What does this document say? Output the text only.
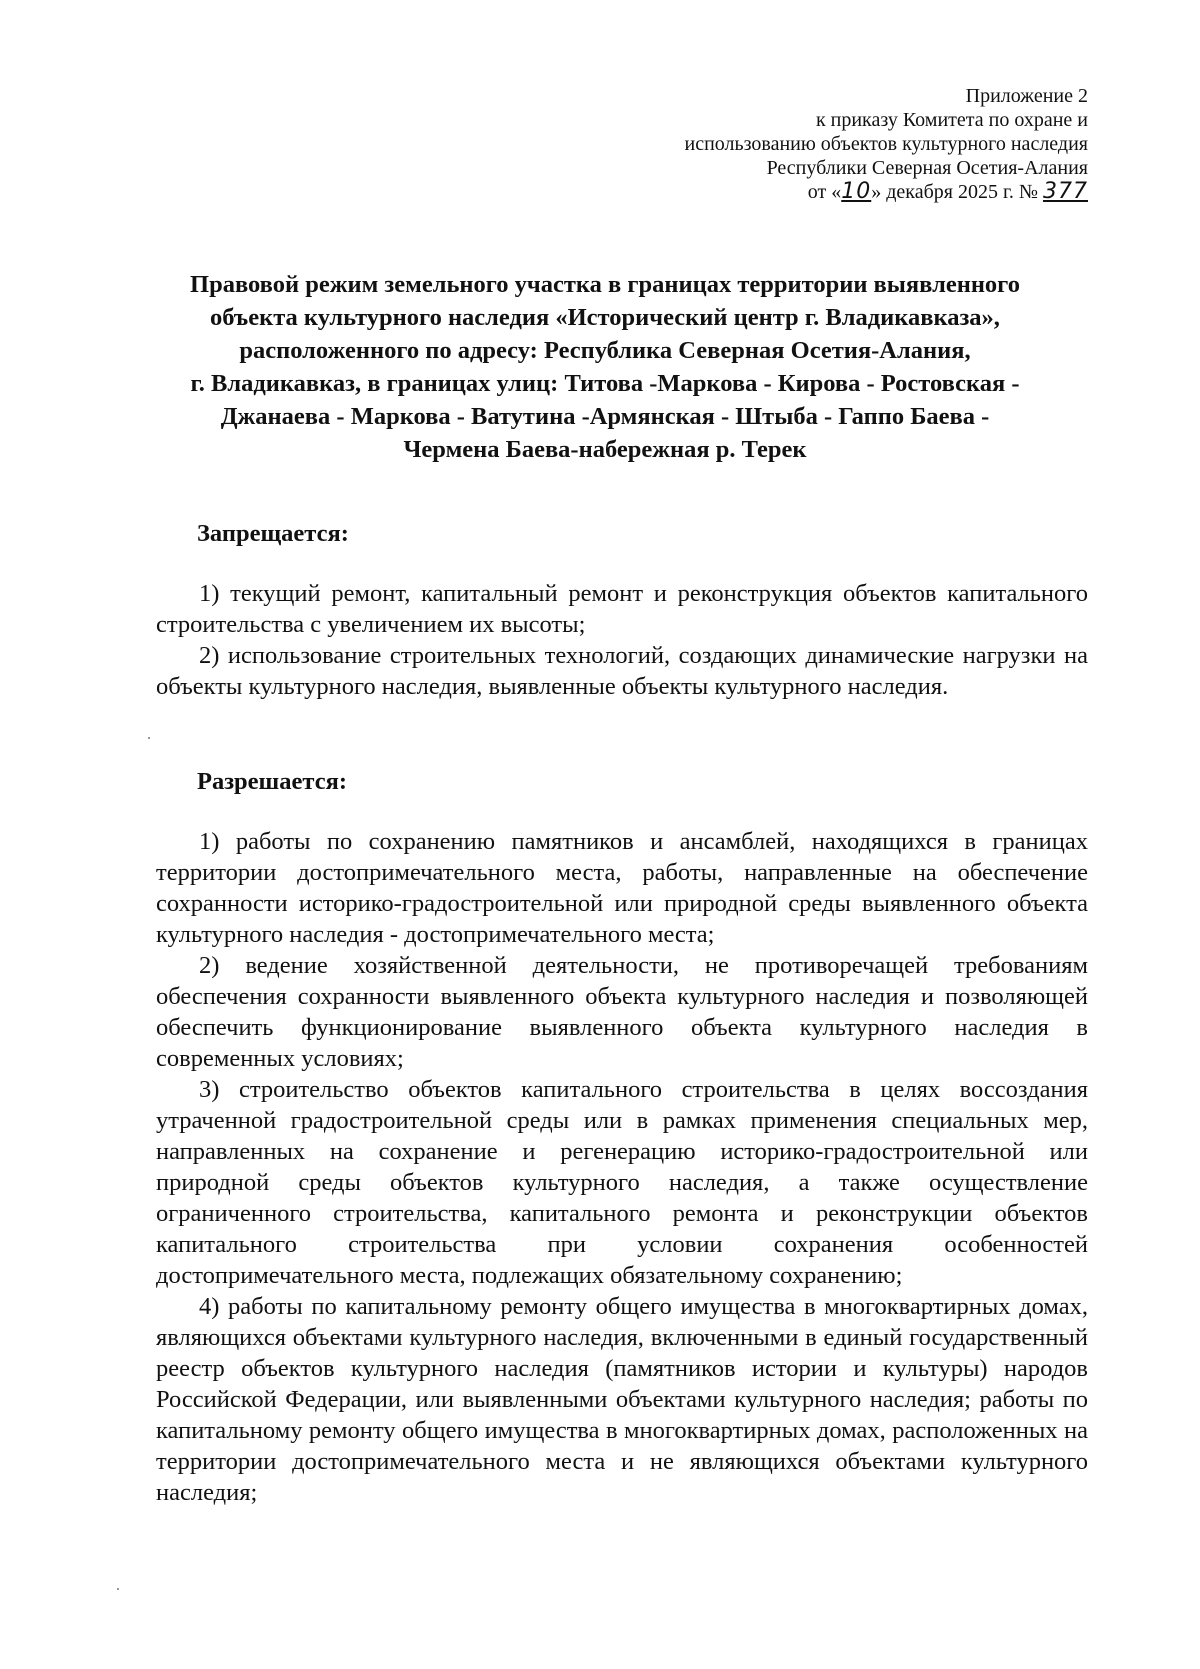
Приложение 2
к приказу Комитета по охране и
использованию объектов культурного наследия
Республики Северная Осетия-Алания
от «10» декабря 2025 г. № 377
Правовой режим земельного участка в границах территории выявленного
объекта культурного наследия «Исторический центр г. Владикавказа»,
расположенного по адресу: Республика Северная Осетия-Алания,
г. Владикавказ, в границах улиц: Титова -Маркова - Кирова - Ростовская -
Джанаева - Маркова - Ватутина -Армянская - Штыба - Гаппо Баева -
Чермена Баева-набережная р. Терек
Запрещается:

1) текущий ремонт, капитальный ремонт и реконструкция объектов капитального строительства с увеличением их высоты;

2) использование строительных технологий, создающих динамические нагрузки на объекты культурного наследия, выявленные объекты культурного наследия.

Разрешается:

1) работы по сохранению памятников и ансамблей, находящихся в границах территории достопримечательного места, работы, направленные на обеспечение сохранности историко-градостроительной или природной среды выявленного объекта культурного наследия - достопримечательного места;

2) ведение хозяйственной деятельности, не противоречащей требованиям обеспечения сохранности выявленного объекта культурного наследия и позволяющей обеспечить функционирование выявленного объекта культурного наследия в современных условиях;

3) строительство объектов капитального строительства в целях воссоздания утраченной градостроительной среды или в рамках применения специальных мер, направленных на сохранение и регенерацию историко-градостроительной или природной среды объектов культурного наследия, а также осуществление ограниченного строительства, капитального ремонта и реконструкции объектов капитального строительства при условии сохранения особенностей достопримечательного места, подлежащих обязательному сохранению;

4) работы по капитальному ремонту общего имущества в многоквартирных домах, являющихся объектами культурного наследия, включенными в единый государственный реестр объектов культурного наследия (памятников истории и культуры) народов Российской Федерации, или выявленными объектами культурного наследия; работы по капитальному ремонту общего имущества в многоквартирных домах, расположенных на территории достопримечательного места и не являющихся объектами культурного наследия;
